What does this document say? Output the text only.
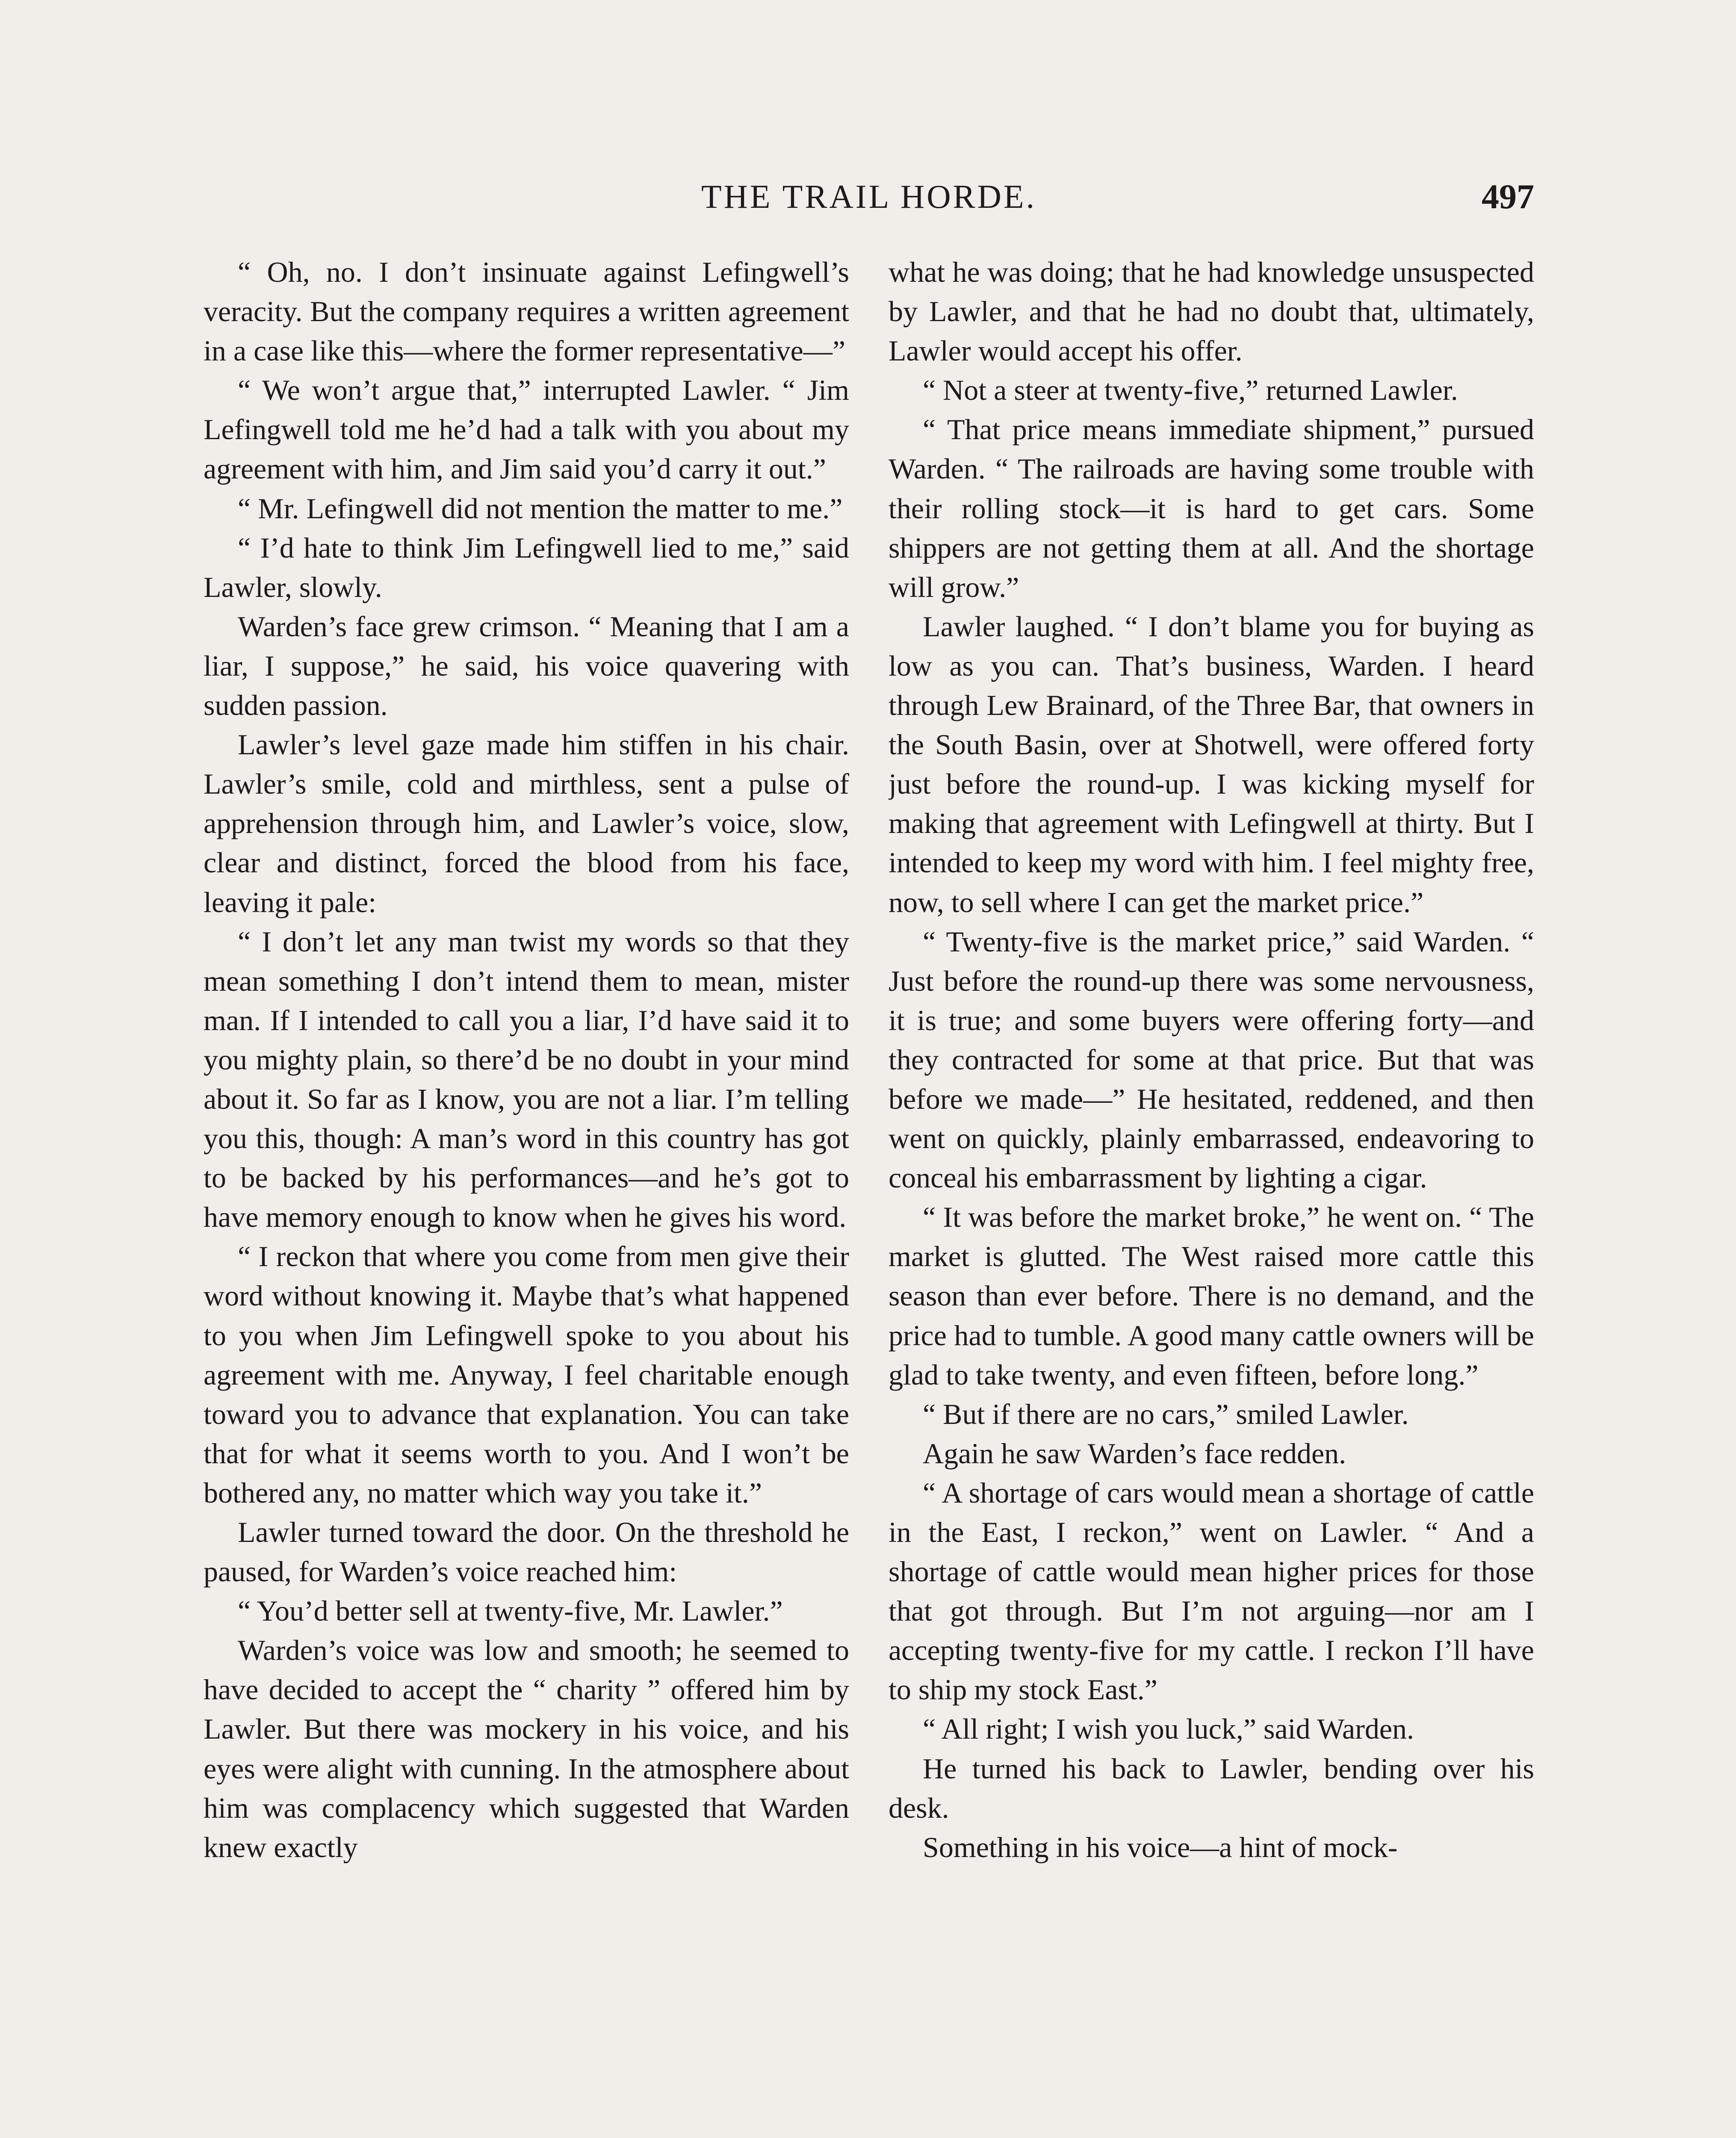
THE TRAIL HORDE.	497

“ Oh, no. I don’t insinuate against Lefingwell’s veracity. But the company requires a written agreement in a case like this—where the former representative—”

“ We won’t argue that,” interrupted Lawler. “ Jim Lefingwell told me he’d had a talk with you about my agreement with him, and Jim said you’d carry it out.”

“ Mr. Lefingwell did not mention the matter to me.”

“ I’d hate to think Jim Lefingwell lied to me,” said Lawler, slowly.

Warden’s face grew crimson. “ Meaning that I am a liar, I suppose,” he said, his voice quavering with sudden passion.

Lawler’s level gaze made him stiffen in his chair. Lawler’s smile, cold and mirthless, sent a pulse of apprehension through him, and Lawler’s voice, slow, clear and distinct, forced the blood from his face, leaving it pale:

“ I don’t let any man twist my words so that they mean something I don’t intend them to mean, mister man. If I intended to call you a liar, I’d have said it to you mighty plain, so there’d be no doubt in your mind about it. So far as I know, you are not a liar. I’m telling you this, though: A man’s word in this country has got to be backed by his performances—and he’s got to have memory enough to know when he gives his word.

“ I reckon that where you come from men give their word without knowing it. Maybe that’s what happened to you when Jim Lefingwell spoke to you about his agreement with me. Anyway, I feel charitable enough toward you to advance that explanation. You can take that for what it seems worth to you. And I won’t be bothered any, no matter which way you take it.”

Lawler turned toward the door. On the threshold he paused, for Warden’s voice reached him:

“ You’d better sell at twenty-five, Mr. Lawler.”

Warden’s voice was low and smooth; he seemed to have decided to accept the “ charity ” offered him by Lawler. But there was mockery in his voice, and his eyes were alight with cunning. In the atmosphere about him was complacency which suggested that Warden knew exactly

what he was doing; that he had knowledge unsuspected by Lawler, and that he had no doubt that, ultimately, Lawler would accept his offer.

“ Not a steer at twenty-five,” returned Lawler.

“ That price means immediate shipment,” pursued Warden. “ The railroads are having some trouble with their rolling stock—it is hard to get cars. Some shippers are not getting them at all. And the shortage will grow.”

Lawler laughed. “ I don’t blame you for buying as low as you can. That’s business, Warden. I heard through Lew Brainard, of the Three Bar, that owners in the South Basin, over at Shotwell, were offered forty just before the round-up. I was kicking myself for making that agreement with Lefingwell at thirty. But I intended to keep my word with him. I feel mighty free, now, to sell where I can get the market price.”

“ Twenty-five is the market price,” said Warden. “ Just before the round-up there was some nervousness, it is true; and some buyers were offering forty—and they contracted for some at that price. But that was before we made—” He hesitated, reddened, and then went on quickly, plainly embarrassed, endeavoring to conceal his embarrassment by lighting a cigar.

“ It was before the market broke,” he went on. “ The market is glutted. The West raised more cattle this season than ever before. There is no demand, and the price had to tumble. A good many cattle owners will be glad to take twenty, and even fifteen, before long.”

“ But if there are no cars,” smiled Lawler.

Again he saw Warden’s face redden.

“ A shortage of cars would mean a shortage of cattle in the East, I reckon,” went on Lawler. “ And a shortage of cattle would mean higher prices for those that got through. But I’m not arguing—nor am I accepting twenty-five for my cattle. I reckon I’ll have to ship my stock East.”

“ All right; I wish you luck,” said Warden.

He turned his back to Lawler, bending over his desk.

Something in his voice—a hint of mock-
